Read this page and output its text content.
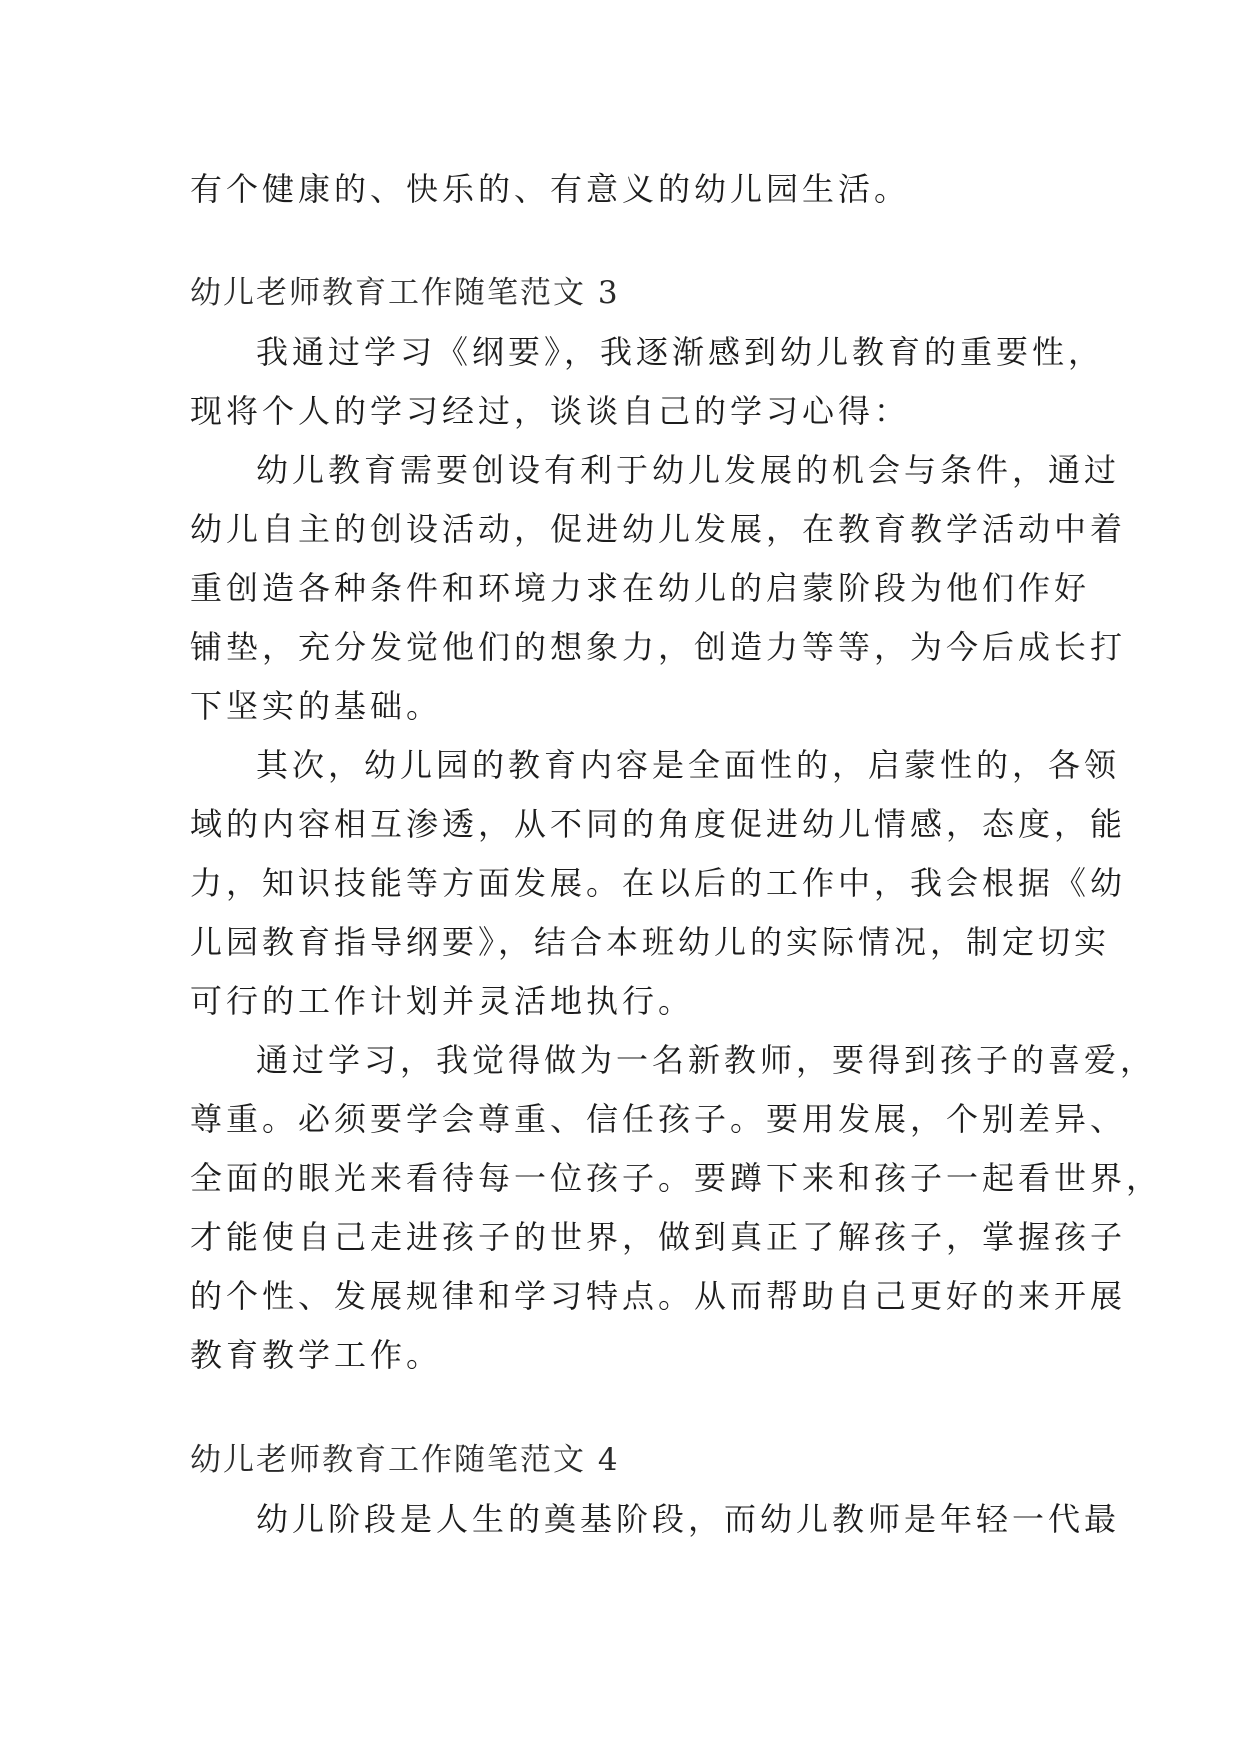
有个健康的、快乐的、有意义的幼儿园生活。
幼儿老师教育工作随笔范文 3
我通过学习《纲要》，我逐渐感到幼儿教育的重要性，
现将个人的学习经过，谈谈自己的学习心得：
幼儿教育需要创设有利于幼儿发展的机会与条件，通过
幼儿自主的创设活动，促进幼儿发展，在教育教学活动中着
重创造各种条件和环境力求在幼儿的启蒙阶段为他们作好
铺垫，充分发觉他们的想象力，创造力等等，为今后成长打
下坚实的基础。
其次，幼儿园的教育内容是全面性的，启蒙性的，各领
域的内容相互渗透，从不同的角度促进幼儿情感，态度，能
力，知识技能等方面发展。在以后的工作中，我会根据《幼
儿园教育指导纲要》，结合本班幼儿的实际情况，制定切实
可行的工作计划并灵活地执行。
通过学习，我觉得做为一名新教师，要得到孩子的喜爱，
尊重。必须要学会尊重、信任孩子。要用发展，个别差异、
全面的眼光来看待每一位孩子。要蹲下来和孩子一起看世界，
才能使自己走进孩子的世界，做到真正了解孩子，掌握孩子
的个性、发展规律和学习特点。从而帮助自己更好的来开展
教育教学工作。
幼儿老师教育工作随笔范文 4
幼儿阶段是人生的奠基阶段，而幼儿教师是年轻一代最
